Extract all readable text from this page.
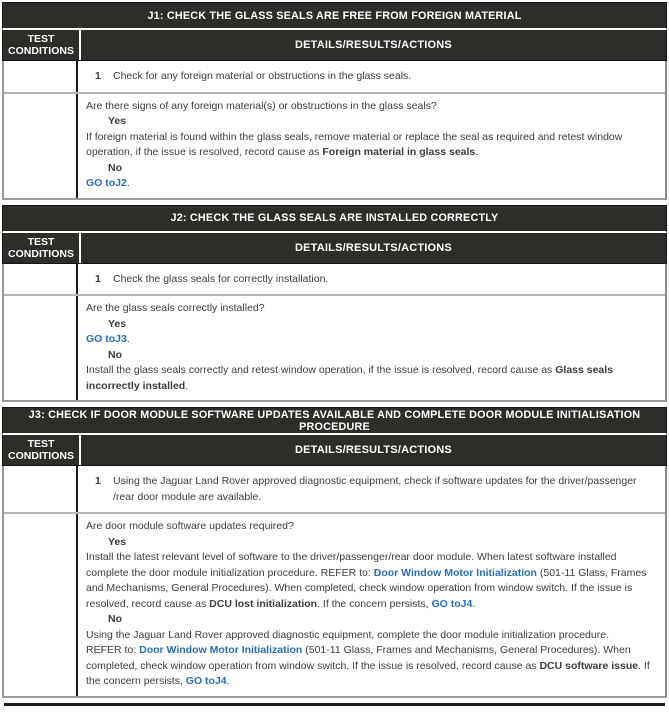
J1: CHECK THE GLASS SEALS ARE FREE FROM FOREIGN MATERIAL
TEST CONDITIONS	DETAILS/RESULTS/ACTIONS
1	Check for any foreign material or obstructions in the glass seals.
Are there signs of any foreign material(s) or obstructions in the glass seals?
Yes
If foreign material is found within the glass seals, remove material or replace the seal as required and retest window operation, if the issue is resolved, record cause as Foreign material in glass seals.
No
GO toJ2.
J2: CHECK THE GLASS SEALS ARE INSTALLED CORRECTLY
TEST CONDITIONS	DETAILS/RESULTS/ACTIONS
1	Check the glass seals for correctly installation.
Are the glass seals correctly installed?
Yes
GO toJ3.
No
Install the glass seals correctly and retest window operation, if the issue is resolved, record cause as Glass seals incorrectly installed.
J3: CHECK IF DOOR MODULE SOFTWARE UPDATES AVAILABLE AND COMPLETE DOOR MODULE INITIALISATION PROCEDURE
TEST CONDITIONS	DETAILS/RESULTS/ACTIONS
1	Using the Jaguar Land Rover approved diagnostic equipment, check if software updates for the driver/passenger /rear door module are available.
Are door module software updates required?
Yes
Install the latest relevant level of software to the driver/passenger/rear door module. When latest software installed complete the door module initialization procedure. REFER to: Door Window Motor Initialization (501-11 Glass, Frames and Mechanisms, General Procedures). When completed, check window operation from window switch. If the issue is resolved, record cause as DCU lost initialization. If the concern persists, GO toJ4.
No
Using the Jaguar Land Rover approved diagnostic equipment, complete the door module initialization procedure.
REFER to: Door Window Motor Initialization (501-11 Glass, Frames and Mechanisms, General Procedures). When completed, check window operation from window switch. If the issue is resolved, record cause as DCU software issue. If the concern persists, GO toJ4.
